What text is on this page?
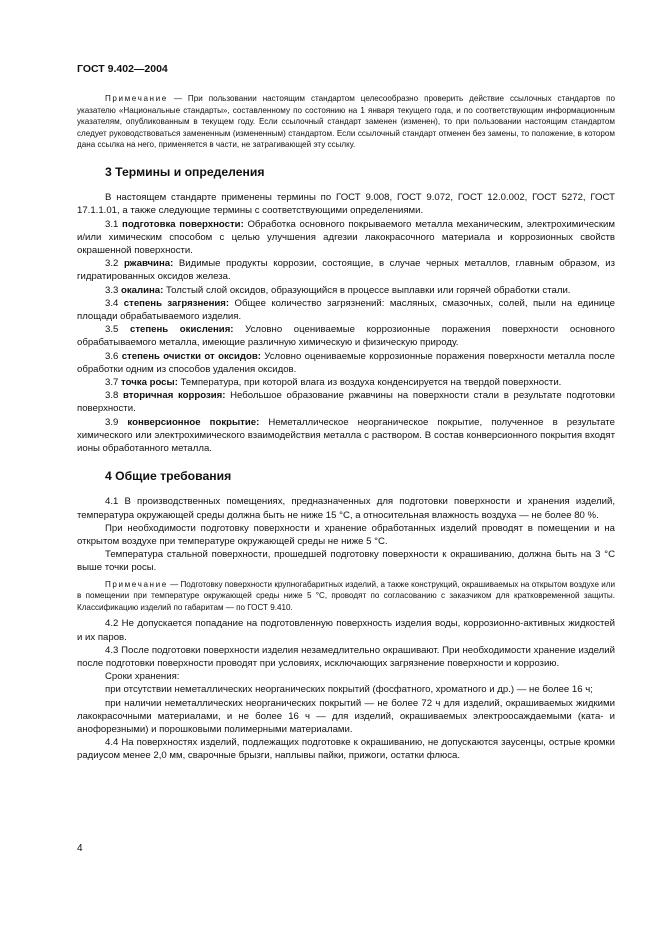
ГОСТ 9.402—2004

Примечание — При пользовании настоящим стандартом целесообразно проверить действие ссылочных стандартов по указателю «Национальные стандарты», составленному по состоянию на 1 января текущего года, и по соответствующим информационным указателям, опубликованным в текущем году. Если ссылочный стандарт заменен (изменен), то при пользовании настоящим стандартом следует руководствоваться замененным (измененным) стандартом. Если ссылочный стандарт отменен без замены, то положение, в котором дана ссылка на него, применяется в части, не затрагивающей эту ссылку.

3 Термины и определения

В настоящем стандарте применены термины по ГОСТ 9.008, ГОСТ 9.072, ГОСТ 12.0.002, ГОСТ 5272, ГОСТ 17.1.1.01, а также следующие термины с соответствующими определениями.

3.1 подготовка поверхности: Обработка основного покрываемого металла механическим, электрохимическим и/или химическим способом с целью улучшения адгезии лакокрасочного материала и коррозионных свойств окрашенной поверхности.

3.2 ржавчина: Видимые продукты коррозии, состоящие, в случае черных металлов, главным образом, из гидратированных оксидов железа.

3.3 окалина: Толстый слой оксидов, образующийся в процессе выплавки или горячей обработки стали.

3.4 степень загрязнения: Общее количество загрязнений: масляных, смазочных, солей, пыли на единице площади обрабатываемого изделия.

3.5 степень окисления: Условно оцениваемые коррозионные поражения поверхности основного обрабатываемого металла, имеющие различную химическую и физическую природу.

3.6 степень очистки от оксидов: Условно оцениваемые коррозионные поражения поверхности металла после обработки одним из способов удаления оксидов.

3.7 точка росы: Температура, при которой влага из воздуха конденсируется на твердой поверхности.

3.8 вторичная коррозия: Небольшое образование ржавчины на поверхности стали в результате подготовки поверхности.

3.9 конверсионное покрытие: Неметаллическое неорганическое покрытие, полученное в результате химического или электрохимического взаимодействия металла с раствором. В состав конверсионного покрытия входят ионы обработанного металла.

4 Общие требования

4.1 В производственных помещениях, предназначенных для подготовки поверхности и хранения изделий, температура окружающей среды должна быть не ниже 15 °С, а относительная влажность воздуха — не более 80 %.

При необходимости подготовку поверхности и хранение обработанных изделий проводят в помещении и на открытом воздухе при температуре окружающей среды не ниже 5 °С.

Температура стальной поверхности, прошедшей подготовку поверхности к окрашиванию, должна быть на 3 °С выше точки росы.

Примечание — Подготовку поверхности крупногабаритных изделий, а также конструкций, окрашиваемых на открытом воздухе или в помещении при температуре окружающей среды ниже 5 °С, проводят по согласованию с заказчиком для кратковременной защиты. Классификацию изделий по габаритам — по ГОСТ 9.410.

4.2 Не допускается попадание на подготовленную поверхность изделия воды, коррозионно-активных жидкостей и их паров.

4.3 После подготовки поверхности изделия незамедлительно окрашивают. При необходимости хранение изделий после подготовки поверхности проводят при условиях, исключающих загрязнение поверхности и коррозию.

Сроки хранения:

при отсутствии неметаллических неорганических покрытий (фосфатного, хроматного и др.) — не более 16 ч;

при наличии неметаллических неорганических покрытий — не более 72 ч для изделий, окрашиваемых жидкими лакокрасочными материалами, и не более 16 ч — для изделий, окрашиваемых электроосаждаемыми (ката- и анофорезными) и порошковыми полимерными материалами.

4.4 На поверхностях изделий, подлежащих подготовке к окрашиванию, не допускаются заусенцы, острые кромки радиусом менее 2,0 мм, сварочные брызги, наплывы пайки, прижоги, остатки флюса.

4
